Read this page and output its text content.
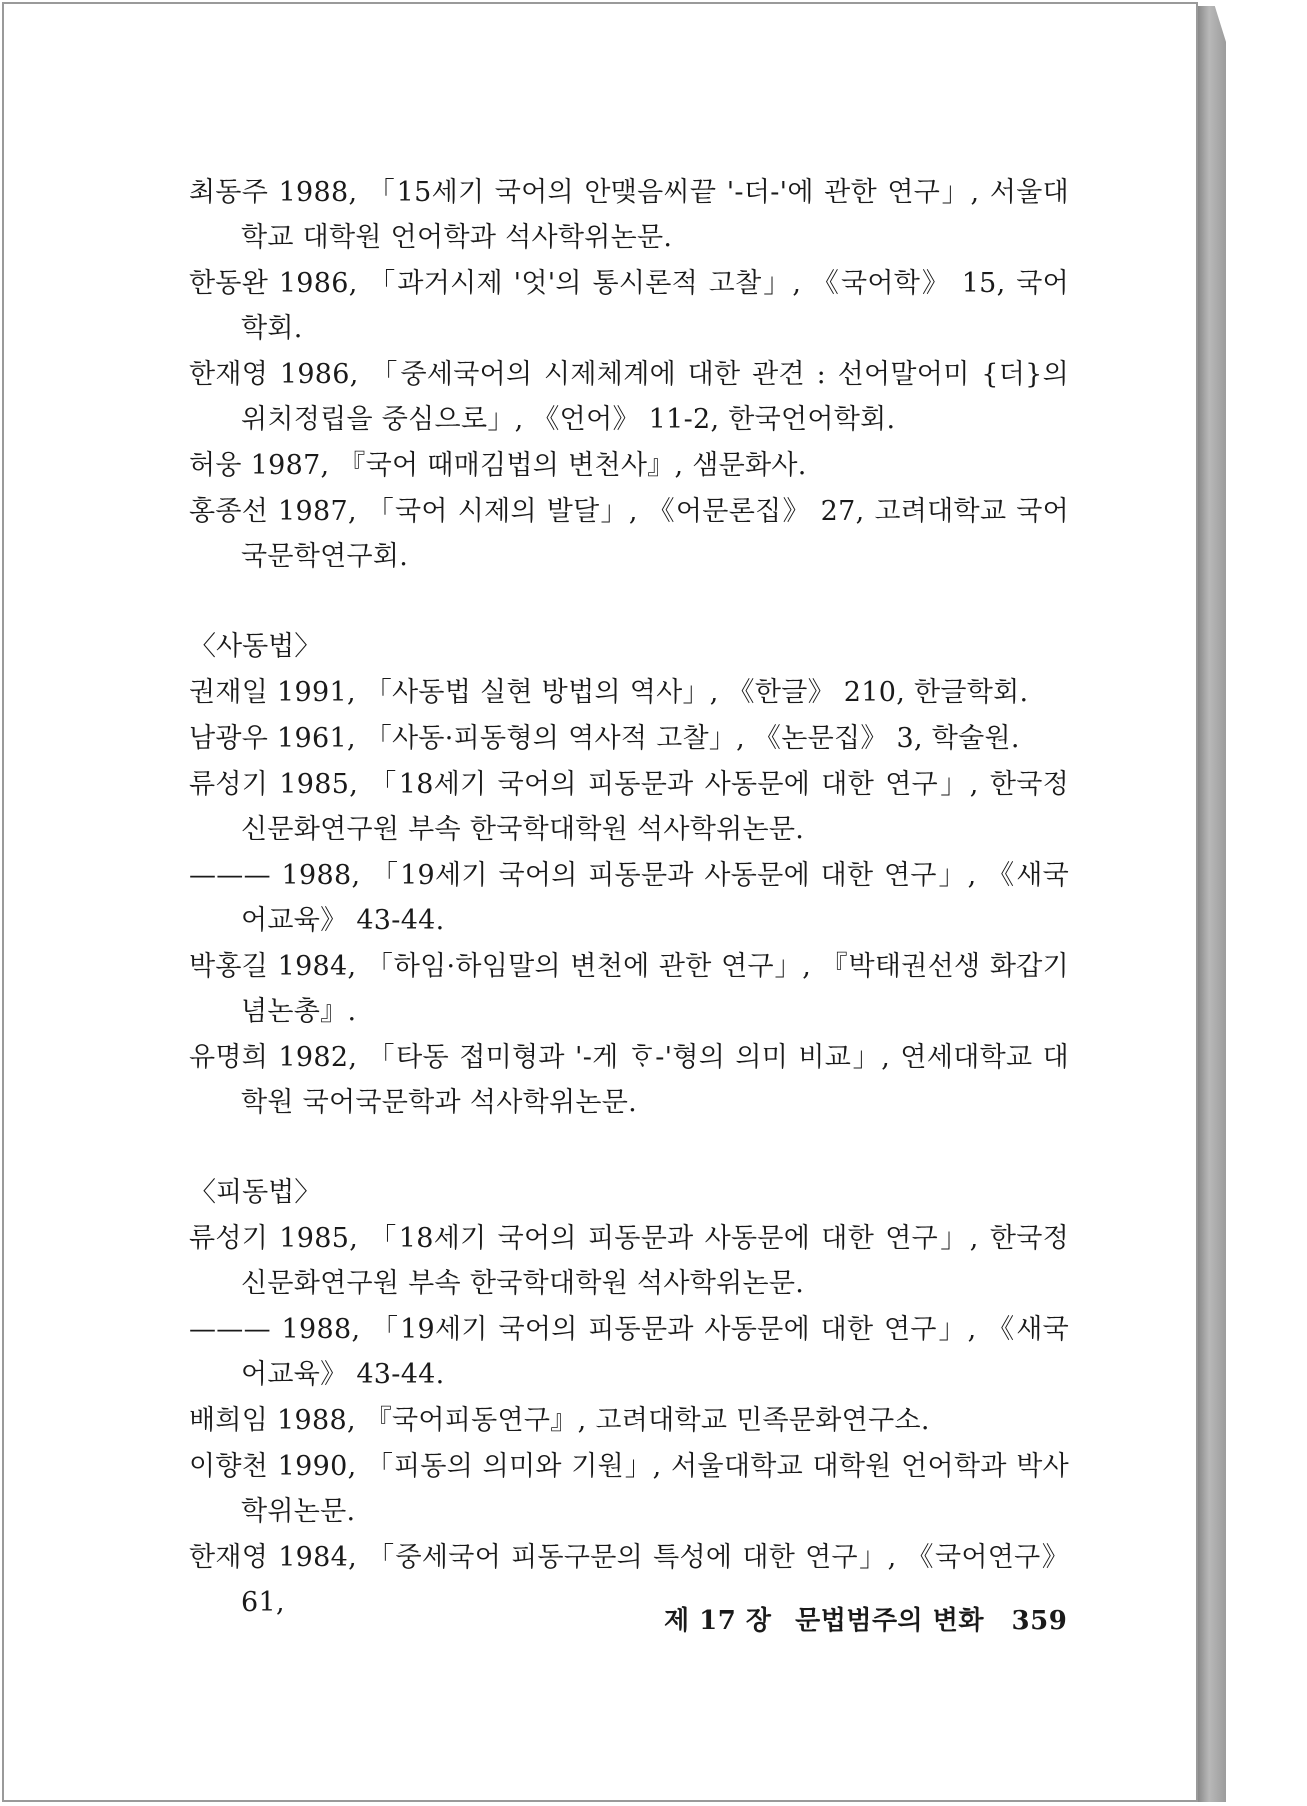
최동주 1988, 「15세기 국어의 안맺음씨끝 '-더-'에 관한 연구」, 서울대학교 대학원 언어학과 석사학위논문.

한동완 1986, 「과거시제 '엇'의 통시론적 고찰」, 《국어학》 15, 국어학회.

한재영 1986, 「중세국어의 시제체계에 대한 관견 : 선어말어미 {더}의 위치정립을 중심으로」, 《언어》 11-2, 한국언어학회.

허웅 1987, 『국어 때매김법의 변천사』, 샘문화사.

홍종선 1987, 「국어 시제의 발달」, 《어문론집》 27, 고려대학교 국어국문학연구회.

〈사동법〉

권재일 1991, 「사동법 실현 방법의 역사」, 《한글》 210, 한글학회.

남광우 1961, 「사동·피동형의 역사적 고찰」, 《논문집》 3, 학술원.

류성기 1985, 「18세기 국어의 피동문과 사동문에 대한 연구」, 한국정신문화연구원 부속 한국학대학원 석사학위논문.

——— 1988, 「19세기 국어의 피동문과 사동문에 대한 연구」, 《새국어교육》 43-44.

박홍길 1984, 「하임·하임말의 변천에 관한 연구」, 『박태권선생 화갑기념논총』.

유명희 1982, 「타동 접미형과 '-게 ᄒᆞ-'형의 의미 비교」, 연세대학교 대학원 국어국문학과 석사학위논문.

〈피동법〉

류성기 1985, 「18세기 국어의 피동문과 사동문에 대한 연구」, 한국정신문화연구원 부속 한국학대학원 석사학위논문.

——— 1988, 「19세기 국어의 피동문과 사동문에 대한 연구」, 《새국어교육》 43-44.

배희임 1988, 『국어피동연구』, 고려대학교 민족문화연구소.

이향천 1990, 「피동의 의미와 기원」, 서울대학교 대학원 언어학과 박사학위논문.

한재영 1984, 「중세국어 피동구문의 특성에 대한 연구」, 《국어연구》 61,

제 17 장 문법범주의 변화 359
